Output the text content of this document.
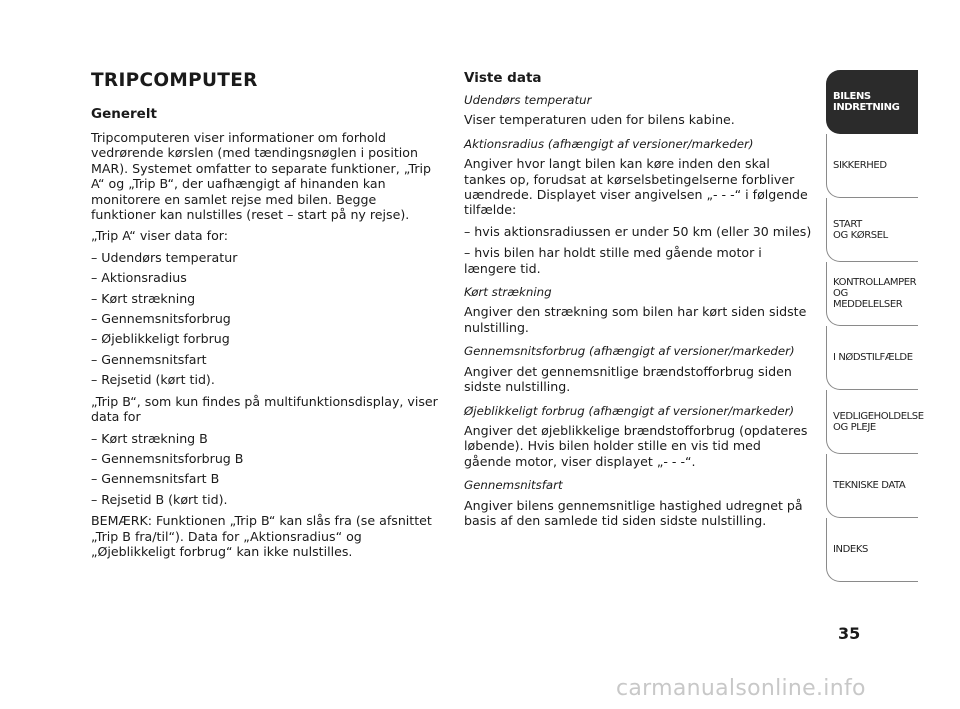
TRIPCOMPUTER
Generelt

Tripcomputeren viser informationer om forhold vedrørende kørslen (med tændingsnøglen i position MAR). Systemet omfatter to separate funktioner, „Trip A“ og „Trip B“, der uafhængigt af hinanden kan monitorere en samlet rejse med bilen. Begge funktioner kan nulstilles (reset – start på ny rejse).

„Trip A“ viser data for:

– Udendørs temperatur
– Aktionsradius
– Kørt strækning
– Gennemsnitsforbrug
– Øjeblikkeligt forbrug
– Gennemsnitsfart
– Rejsetid (kørt tid).

„Trip B“, som kun findes på multifunktionsdisplay, viser data for

– Kørt strækning B
– Gennemsnitsforbrug B
– Gennemsnitsfart B
– Rejsetid B (kørt tid).

BEMÆRK: Funktionen „Trip B“ kan slås fra (se afsnittet „Trip B fra/til“). Data for „Aktionsradius“ og „Øjeblikkeligt forbrug“ kan ikke nulstilles.

Viste data
Udendørs temperatur

Viser temperaturen uden for bilens kabine.

Aktionsradius (afhængigt af versioner/markeder)

Angiver hvor langt bilen kan køre inden den skal tankes op, forudsat at kørselsbetingelserne forbliver uændrede. Displayet viser angivelsen „- - -“ i følgende tilfælde:

– hvis aktionsradiussen er under 50 km (eller 30 miles)

– hvis bilen har holdt stille med gående motor i længere tid.

Kørt strækning

Angiver den strækning som bilen har kørt siden sidste nulstilling.

Gennemsnitsforbrug (afhængigt af versioner/markeder)

Angiver det gennemsnitlige brændstofforbrug siden sidste nulstilling.

Øjeblikkeligt forbrug (afhængigt af versioner/markeder)

Angiver det øjeblikkelige brændstofforbrug (opdateres løbende). Hvis bilen holder stille en vis tid med gående motor, viser displayet „- - -“.

Gennemsnitsfart

Angiver bilens gennemsnitlige hastighed udregnet på basis af den samlede tid siden sidste nulstilling.

BILENS
INDRETNING
SIKKERHED
START
OG KØRSEL
KONTROLLAMPER
OG MEDDELELSER
I NØDSTILFÆLDE
VEDLIGEHOLDELSE
OG PLEJE
TEKNISKE DATA
INDEKS
35
carmanualsonline.info
